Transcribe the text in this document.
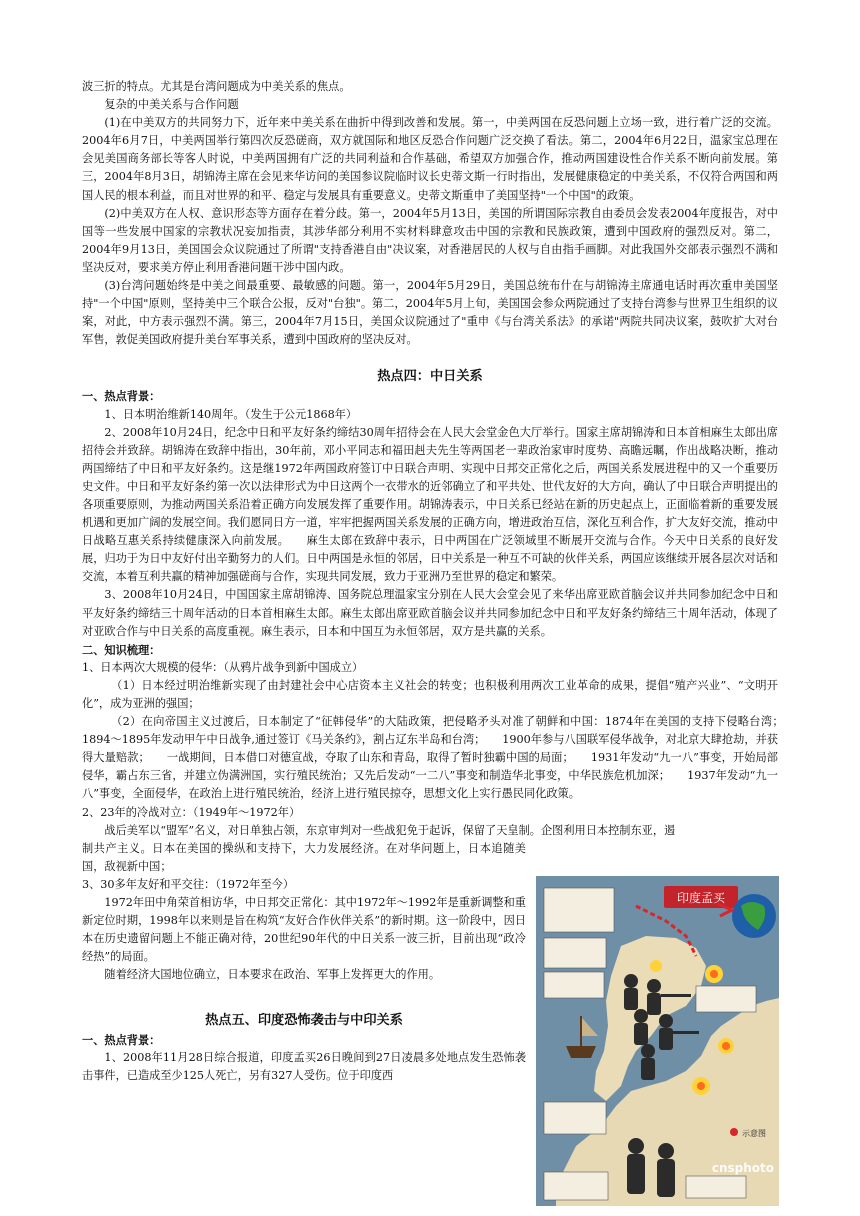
波三折的特点。尤其是台湾问题成为中美关系的焦点。

复杂的中美关系与合作问题

(1)在中美双方的共同努力下，近年来中美关系在曲折中得到改善和发展。第一，中美两国在反恐问题上立场一致，进行着广泛的交流。2004年6月7日，中美两国举行第四次反恐磋商，双方就国际和地区反恐合作问题广泛交换了看法。第二，2004年6月22日，温家宝总理在会见美国商务部长等客人时说，中美两国拥有广泛的共同利益和合作基础，希望双方加强合作，推动两国建设性合作关系不断向前发展。第三，2004年8月3日，胡锦涛主席在会见来华访问的美国参议院临时议长史蒂文斯一行时指出，发展健康稳定的中美关系，不仅符合两国和两国人民的根本利益，而且对世界的和平、稳定与发展具有重要意义。史蒂文斯重申了美国坚持"一个中国"的政策。

(2)中美双方在人权、意识形态等方面存在着分歧。第一，2004年5月13日，美国的所谓国际宗教自由委员会发表2004年度报告，对中国等一些发展中国家的宗教状况妄加指责，其涉华部分利用不实材料肆意攻击中国的宗教和民族政策，遭到中国政府的强烈反对。第二，2004年9月13日，美国国会众议院通过了所谓"支持香港自由"决议案，对香港居民的人权与自由指手画脚。对此我国外交部表示强烈不满和坚决反对，要求美方停止利用香港问题干涉中国内政。

(3)台湾问题始终是中美之间最重要、最敏感的问题。第一，2004年5月29日，美国总统布什在与胡锦涛主席通电话时再次重申美国坚持"一个中国"原则，坚持美中三个联合公报，反对"台独"。第二，2004年5月上旬，美国国会参众两院通过了支持台湾参与世界卫生组织的议案，对此，中方表示强烈不满。第三，2004年7月15日，美国众议院通过了"重申《与台湾关系法》的承诺"两院共同决议案，鼓吹扩大对台军售，敦促美国政府提升美台军事关系，遭到中国政府的坚决反对。

热点四：中日关系

一、热点背景：

1、日本明治维新140周年。（发生于公元1868年）

2、2008年10月24日，纪念中日和平友好条约缔结30周年招待会在人民大会堂金色大厅举行。国家主席胡锦涛和日本首相麻生太郎出席招待会并致辞。胡锦涛在致辞中指出，30年前，邓小平同志和福田赳夫先生等两国老一辈政治家审时度势、高瞻远瞩，作出战略决断，推动两国缔结了中日和平友好条约。这是继1972年两国政府签订中日联合声明、实现中日邦交正常化之后，两国关系发展进程中的又一个重要历史文件。中日和平友好条约第一次以法律形式为中日这两个一衣带水的近邻确立了和平共处、世代友好的大方向，确认了中日联合声明提出的各项重要原则，为推动两国关系沿着正确方向发展发挥了重要作用。胡锦涛表示，中日关系已经站在新的历史起点上，正面临着新的重要发展机遇和更加广阔的发展空间。我们愿同日方一道，牢牢把握两国关系发展的正确方向，增进政治互信，深化互利合作，扩大友好交流，推动中日战略互惠关系持续健康深入向前发展。　　麻生太郎在致辞中表示，日中两国在广泛领域里不断展开交流与合作。今天中日关系的良好发展，归功于为日中友好付出辛勤努力的人们。日中两国是永恒的邻居，日中关系是一种互不可缺的伙伴关系，两国应该继续开展各层次对话和交流，本着互利共赢的精神加强磋商与合作，实现共同发展，致力于亚洲乃至世界的稳定和繁荣。

3、2008年10月24日，中国国家主席胡锦涛、国务院总理温家宝分别在人民大会堂会见了来华出席亚欧首脑会议并共同参加纪念中日和平友好条约缔结三十周年活动的日本首相麻生太郎。麻生太郎出席亚欧首脑会议并共同参加纪念中日和平友好条约缔结三十周年活动，体现了对亚欧合作与中日关系的高度重视。麻生表示，日本和中国互为永恒邻居，双方是共赢的关系。

二、知识梳理：

1、日本两次大规模的侵华：（从鸦片战争到新中国成立）

（1）日本经过明治维新实现了由封建社会中心店资本主义社会的转变；也积极利用两次工业革命的成果，提倡“殖产兴业”、“文明开化”，成为亚洲的强国；

（2）在向帝国主义过渡后，日本制定了“征韩侵华”的大陆政策，把侵略矛头对准了朝鲜和中国：1874年在美国的支持下侵略台湾；　　1894～1895年发动甲午中日战争,通过签订《马关条约》，割占辽东半岛和台湾；　　1900年参与八国联军侵华战争，对北京大肆抢劫，并获得大量赔款；　　一战期间，日本借口对德宣战，夺取了山东和青岛，取得了暂时独霸中国的局面；　　1931年发动“九一八”事变，开始局部侵华，霸占东三省，并建立伪满洲国，实行殖民统治；又先后发动“一二八”事变和制造华北事变，中华民族危机加深；　　1937年发动“九一八”事变，全面侵华，在政治上进行殖民统治，经济上进行殖民掠夺，思想文化上实行愚民同化政策。

2、23年的冷战对立：（1949年～1972年）

战后美军以“盟军”名义，对日单独占领，东京审判对一些战犯免于起诉，保留了天皇制。企图利用日本控制东亚，遏

制共产主义。日本在美国的操纵和支持下，大力发展经济。在对华问题上，日本追随美国，敌视新中国；

3、30多年友好和平交往：（1972年至今）

1972年田中角荣首相访华，中日邦交正常化：其中1972年～1992年是重新调整和重新定位时期，1998年以来则是旨在构筑“友好合作伙伴关系”的新时期。这一阶段中，因日本在历史遗留问题上不能正确对待，20世纪90年代的中日关系一波三折，目前出现“政冷经热”的局面。

随着经济大国地位确立，日本要求在政治、军事上发挥更大的作用。

热点五、印度恐怖袭击与中印关系

一、热点背景：

1、2008年11月28日综合报道，印度孟买26日晚间到27日凌晨多处地点发生恐怖袭击事件，已造成至少125人死亡，另有327人受伤。位于印度西

印度孟买
示意图
cnsphoto
